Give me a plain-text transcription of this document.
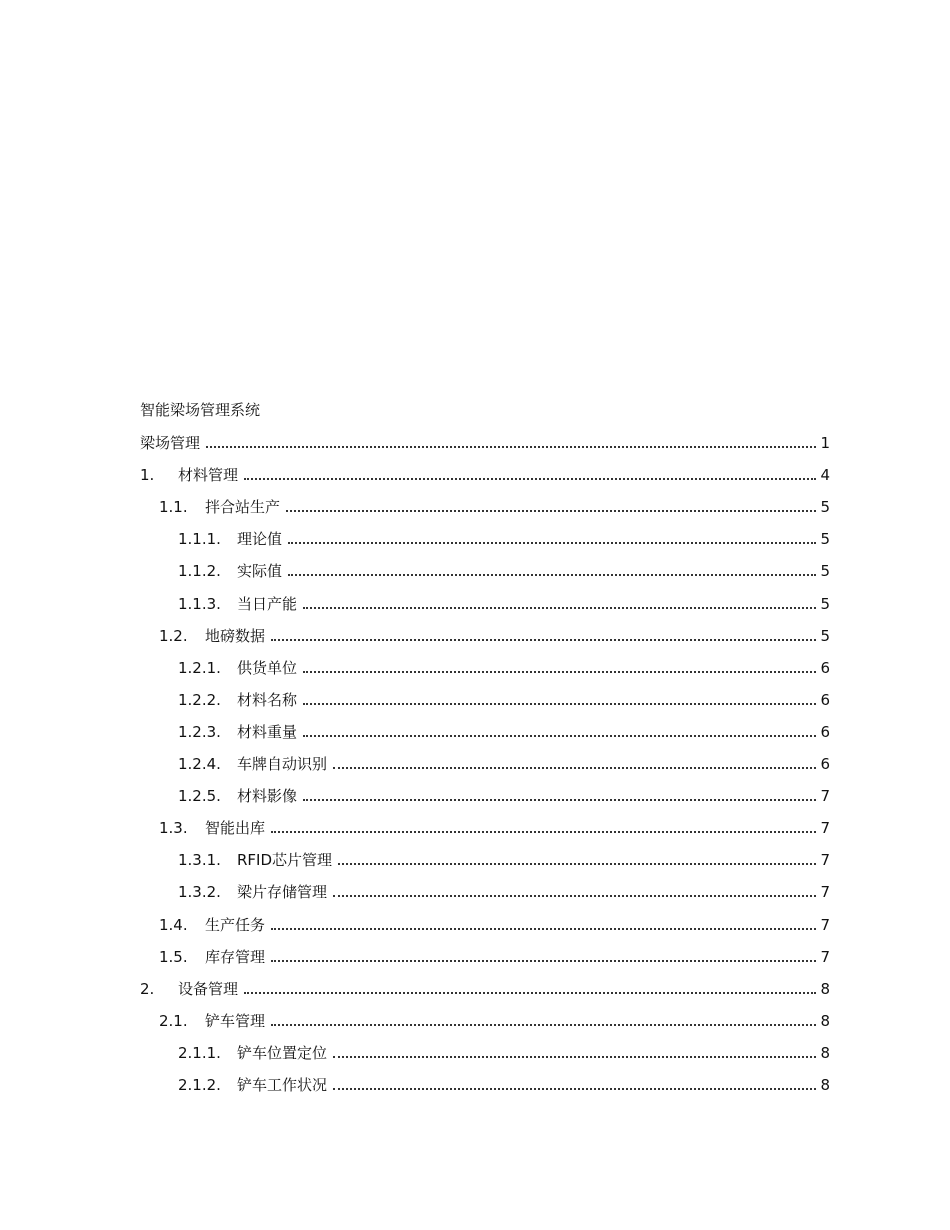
智能梁场管理系统
梁场管理	1
1.	材料管理	4
1.1.	拌合站生产	5
1.1.1.	理论值	5
1.1.2.	实际值	5
1.1.3.	当日产能	5
1.2.	地磅数据	5
1.2.1.	供货单位	6
1.2.2.	材料名称	6
1.2.3.	材料重量	6
1.2.4.	车牌自动识别	6
1.2.5.	材料影像	7
1.3.	智能出库	7
1.3.1.	RFID芯片管理	7
1.3.2.	梁片存储管理	7
1.4.	生产任务	7
1.5.	库存管理	7
2.	设备管理	8
2.1.	铲车管理	8
2.1.1.	铲车位置定位	8
2.1.2.	铲车工作状况	8
